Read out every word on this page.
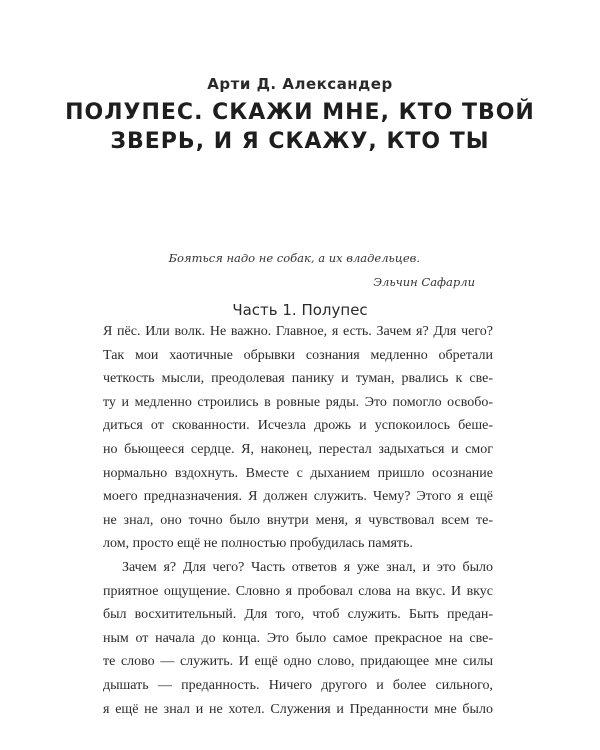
Арти Д. Александер
ПОЛУПЕС. СКАЖИ МНЕ, КТО ТВОЙ
ЗВЕРЬ, И Я СКАЖУ, КТО ТЫ
Бояться надо не собак, а их владельцев.
Эльчин Сафарли
Часть 1. Полупес
Я пёс. Или волк. Не важно. Главное, я есть. Зачем я? Для чего?
Так мои хаотичные обрывки сознания медленно обретали
четкость мысли, преодолевая панику и туман, рвались к све-
ту и медленно строились в ровные ряды. Это помогло освобо-
диться от скованности. Исчезла дрожь и успокоилось беше-
но бьющееся сердце. Я, наконец, перестал задыхаться и смог
нормально вздохнуть. Вместе с дыханием пришло осознание
моего предназначения. Я должен служить. Чему? Этого я ещё
не знал, оно точно было внутри меня, я чувствовал всем те-
лом, просто ещё не полностью пробудилась память.
Зачем я? Для чего? Часть ответов я уже знал, и это было
приятное ощущение. Словно я пробовал слова на вкус. И вкус
был восхитительный. Для того, чтоб служить. Быть предан-
ным от начала до конца. Это было самое прекрасное на све-
те слово — служить. И ещё одно слово, придающее мне силы
дышать — преданность. Ничего другого и более сильного,
я ещё не знал и не хотел. Служения и Преданности мне было
